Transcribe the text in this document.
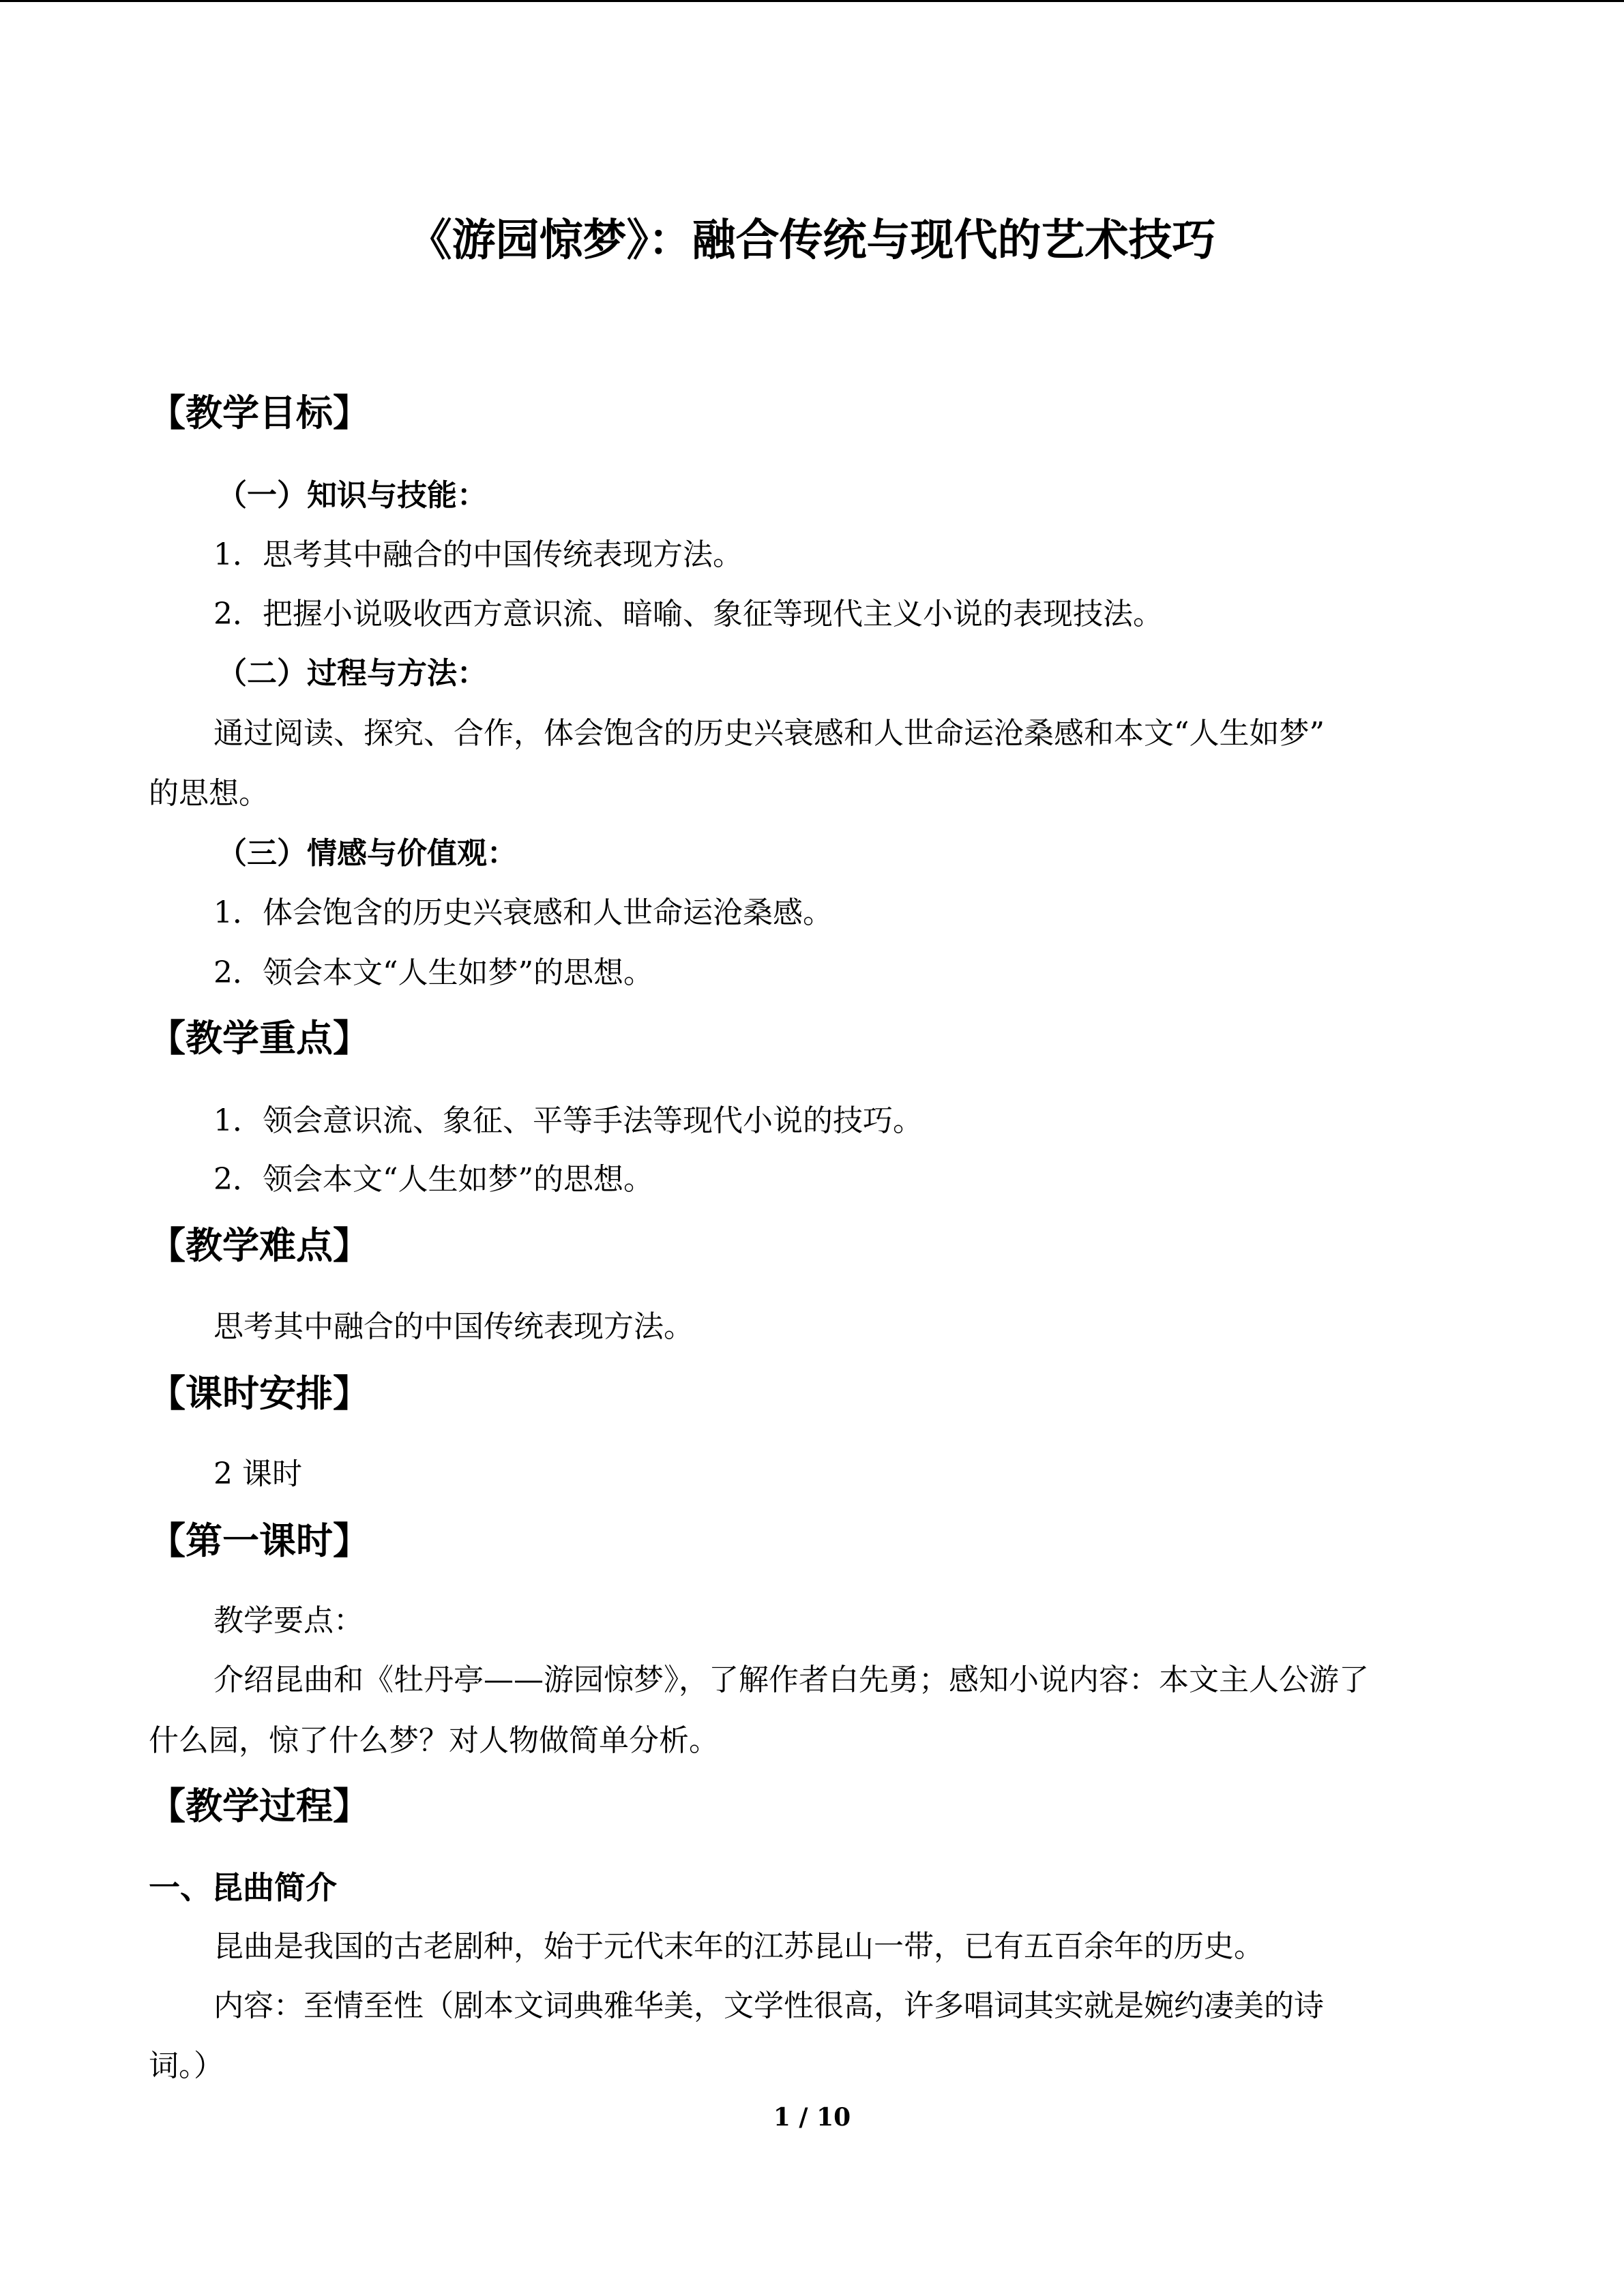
《游园惊梦》：融合传统与现代的艺术技巧
【教学目标】
（一）知识与技能：
1．思考其中融合的中国传统表现方法。
2．把握小说吸收西方意识流、暗喻、象征等现代主义小说的表现技法。
（二）过程与方法：
通过阅读、探究、合作，体会饱含的历史兴衰感和人世命运沧桑感和本文“人生如梦”
的思想。
（三）情感与价值观：
1．体会饱含的历史兴衰感和人世命运沧桑感。
2．领会本文“人生如梦”的思想。
【教学重点】
1．领会意识流、象征、平等手法等现代小说的技巧。
2．领会本文“人生如梦”的思想。
【教学难点】
思考其中融合的中国传统表现方法。
【课时安排】
2 课时
【第一课时】
教学要点：
介绍昆曲和《牡丹亭——游园惊梦》，了解作者白先勇；感知小说内容：本文主人公游了
什么园，惊了什么梦？对人物做简单分析。
【教学过程】
一、昆曲简介
昆曲是我国的古老剧种，始于元代末年的江苏昆山一带，已有五百余年的历史。
内容：至情至性（剧本文词典雅华美，文学性很高，许多唱词其实就是婉约凄美的诗
词。）
1 / 10
